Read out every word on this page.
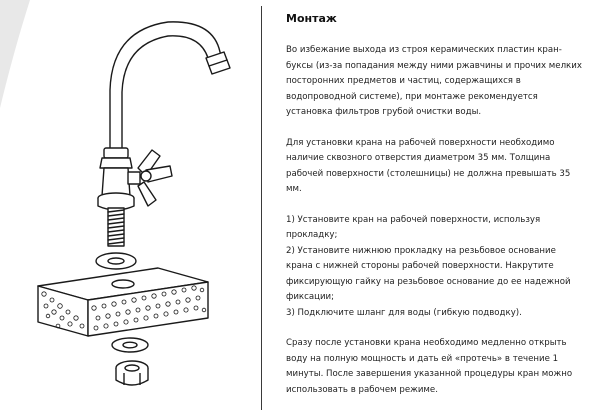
Монтаж

Во избежание выхода из строя керамических пластин кран-буксы (из-за попадания между ними ржавчины и прочих мелких посторонних предметов и частиц, содержащихся в водопроводной системе), при монтаже рекомендуется установка фильтров грубой очистки воды.

Для установки крана на рабочей поверхности необходимо наличие сквозного отверстия диаметром 35 мм. Толщина рабочей поверхности (столешницы) не должна превышать 35 мм.

1) Установите кран на рабочей поверхности, используя прокладку;
2) Установите нижнюю прокладку на резьбовое основание крана с нижней стороны рабочей поверхности. Накрутите фиксирующую гайку на резьбовое основание до ее надежной фиксации;
3) Подключите шланг для воды (гибкую подводку).

Сразу после установки крана необходимо медленно открыть воду на полную мощность и дать ей «протечь» в течение 1 минуты. После завершения указанной процедуры кран можно использовать в рабочем режиме.
